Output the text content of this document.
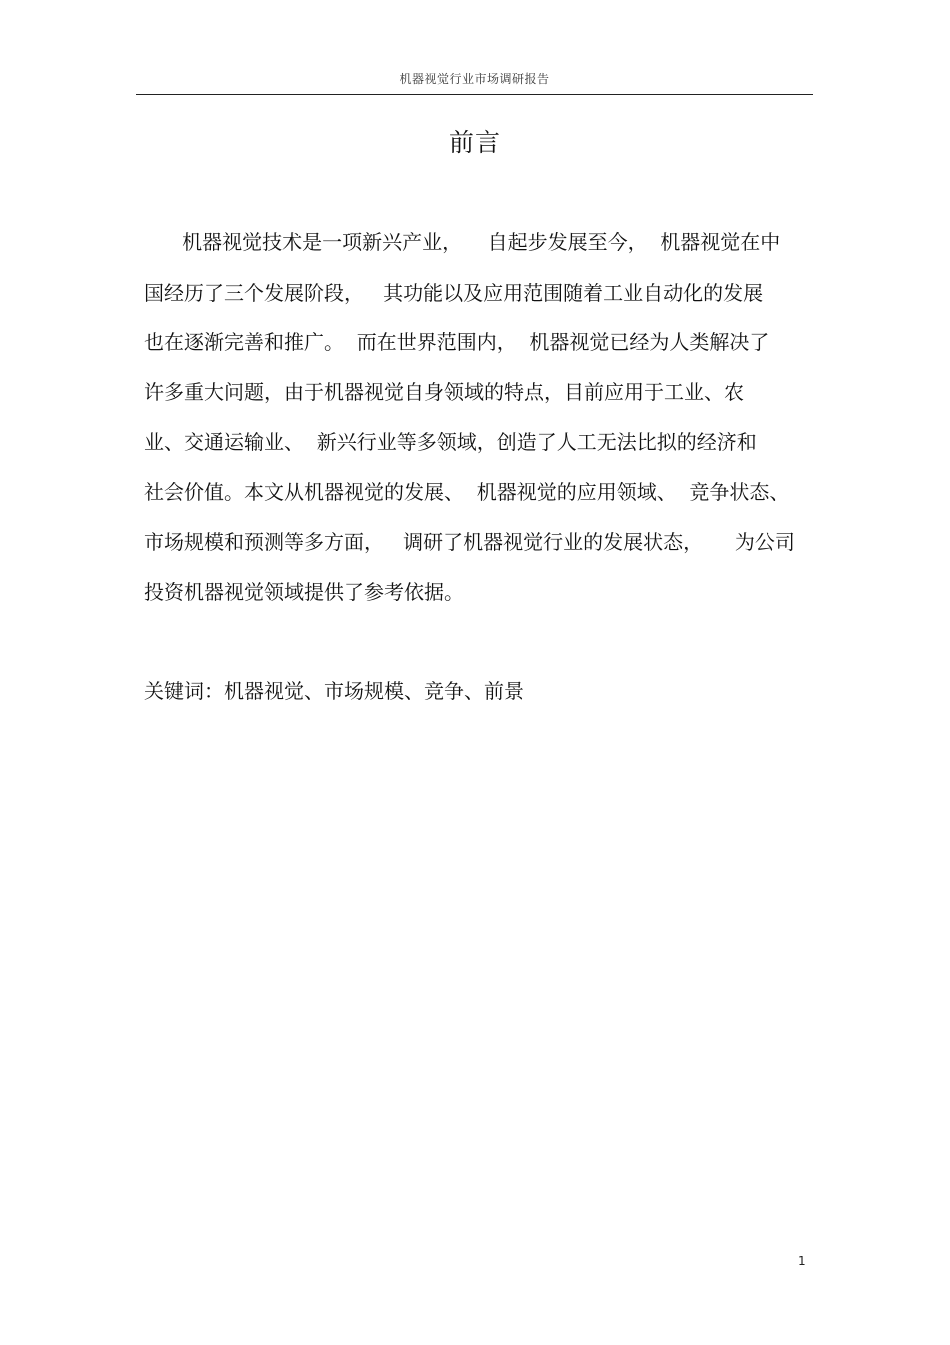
机器视觉行业市场调研报告
前言
机器视觉技术是一项新兴产业，    自起步发展至今，  机器视觉在中
国经历了三个发展阶段，   其功能以及应用范围随着工业自动化的发展
也在逐渐完善和推广。  而在世界范围内，  机器视觉已经为人类解决了
许多重大问题，由于机器视觉自身领域的特点，目前应用于工业、农
业、交通运输业、  新兴行业等多领域，创造了人工无法比拟的经济和
社会价值。本文从机器视觉的发展、  机器视觉的应用领域、  竞争状态、
市场规模和预测等多方面，   调研了机器视觉行业的发展状态，     为公司
投资机器视觉领域提供了参考依据。
关键词：机器视觉、市场规模、竞争、前景
1
